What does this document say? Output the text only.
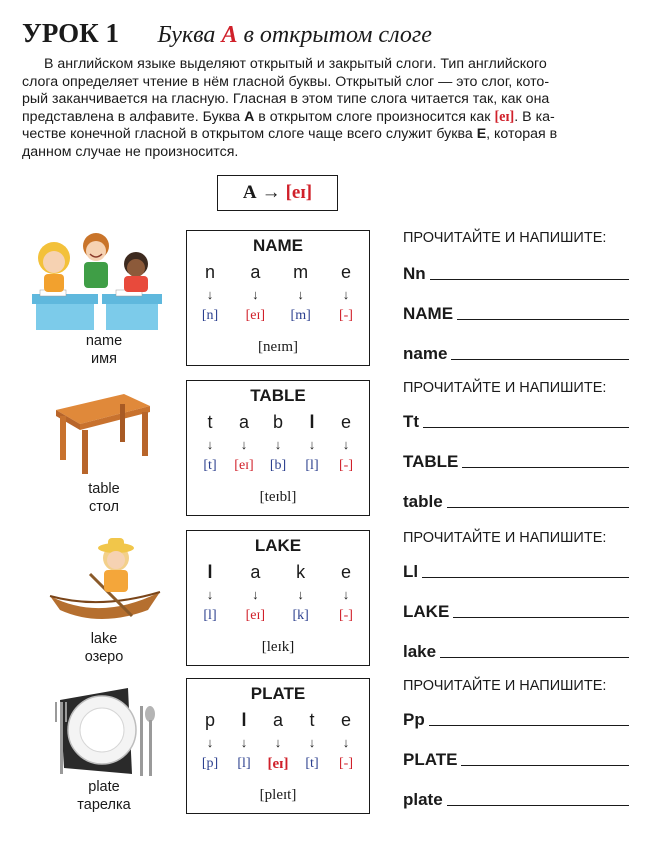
УРОК 1 Буква А в открытом слоге
В английском языке выделяют открытый и закрытый слоги. Тип английского
слога определяет чтение в нём гласной буквы. Открытый слог — это слог, кото-
рый заканчивается на гласную. Гласная в этом типе слога читается так, как она
представлена в алфавите. Буква А в открытом слоге произносится как [eɪ]. В ка-
честве конечной гласной в открытом слоге чаще всего служит буква Е, которая в
данном случае не произносится.
A → [eɪ]
name
имя
NAME
n
↓
[n]
a
↓
[eɪ]
m
↓
[m]
e
↓
[-]
[neɪm]
ПРОЧИТАЙТЕ И НАПИШИТЕ:
Nn
NAME
name
table
стол
TABLE
t
↓
[t]
a
↓
[eɪ]
b
↓
[b]
l
↓
[l]
e
↓
[-]
[teɪbl]
ПРОЧИТАЙТЕ И НАПИШИТЕ:
Tt
TABLE
table
lake
озеро
LAKE
l
↓
[l]
a
↓
[eɪ]
k
↓
[k]
e
↓
[-]
[leɪk]
ПРОЧИТАЙТЕ И НАПИШИТЕ:
Ll
LAKE
lake
plate
тарелка
PLATE
p
↓
[p]
l
↓
[l]
a
↓
[eɪ]
t
↓
[t]
e
↓
[-]
[pleɪt]
ПРОЧИТАЙТЕ И НАПИШИТЕ:
Pp
PLATE
plate
